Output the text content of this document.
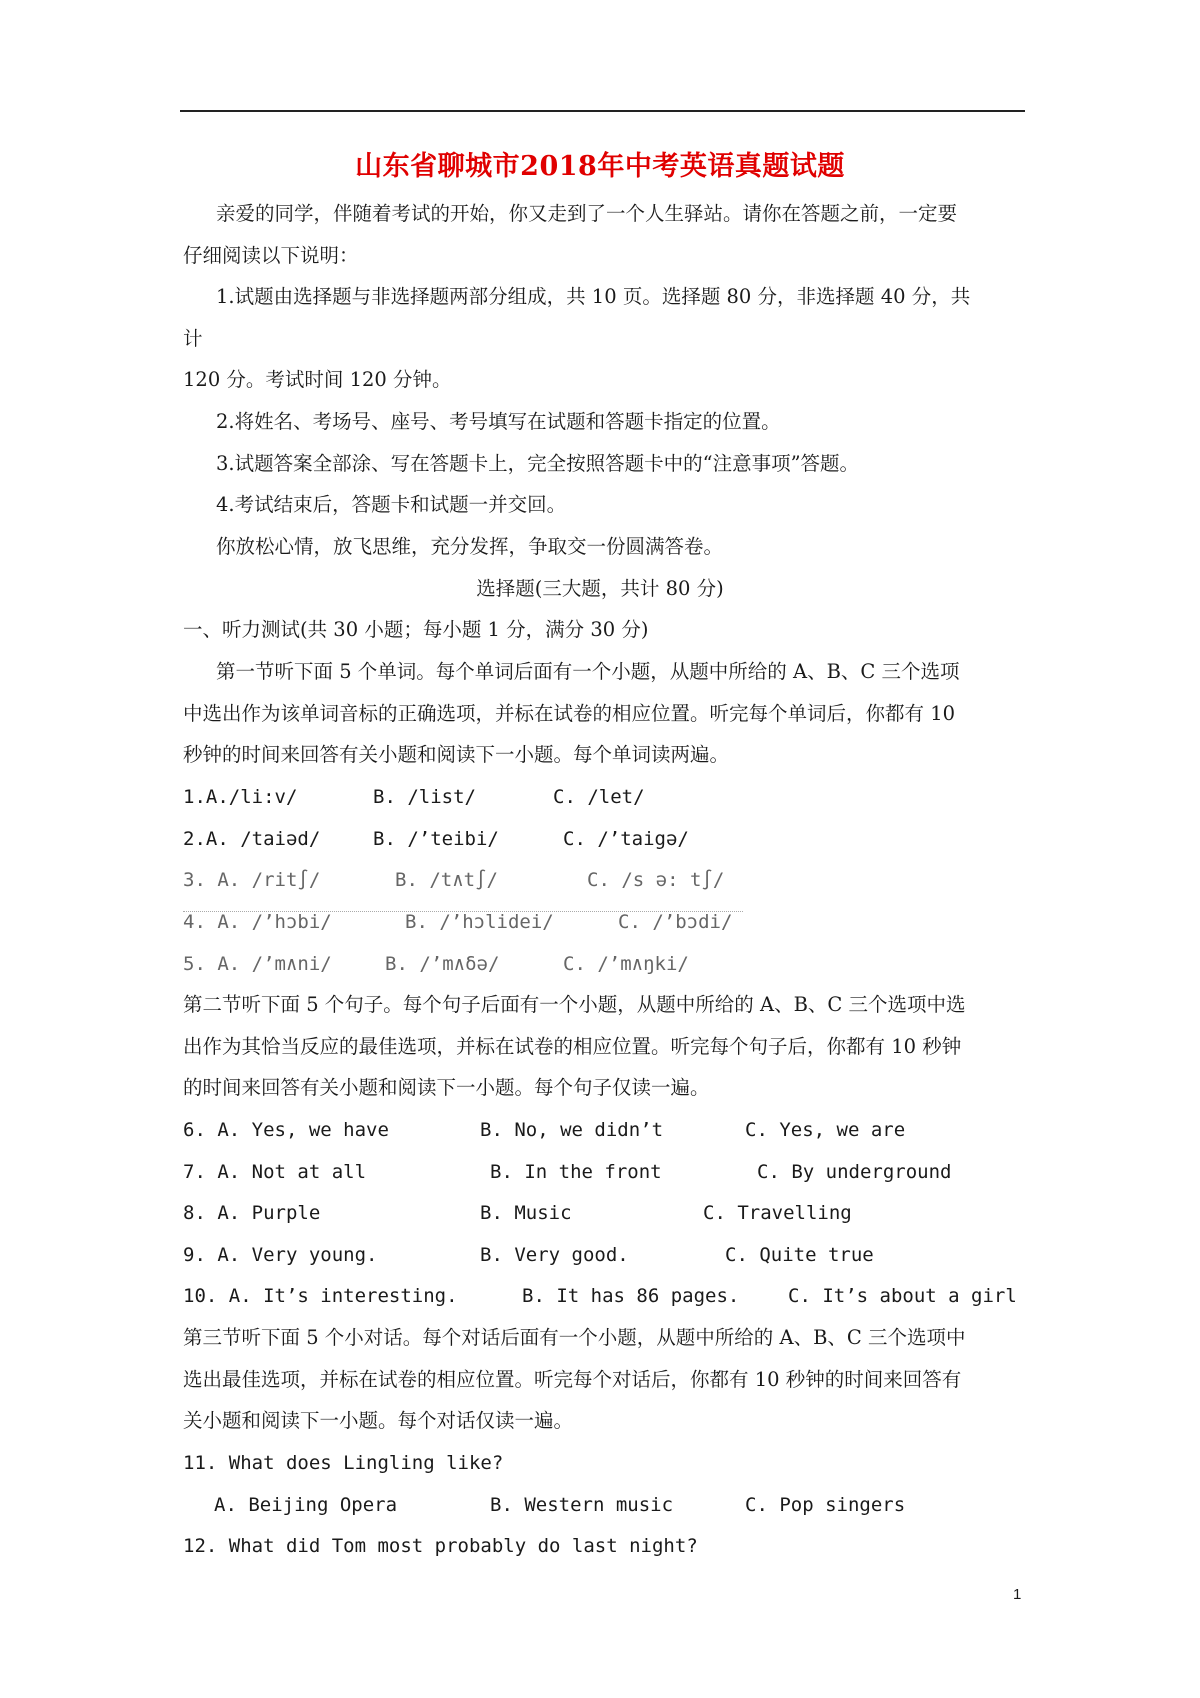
山东省聊城市2018年中考英语真题试题
亲爱的同学，伴随着考试的开始，你又走到了一个人生驿站。请你在答题之前，一定要
仔细阅读以下说明：
1.试题由选择题与非选择题两部分组成，共 10 页。选择题 80 分，非选择题 40 分，共
计
120 分。考试时间 120 分钟。
2.将姓名、考场号、座号、考号填写在试题和答题卡指定的位置。
3.试题答案全部涂、写在答题卡上，完全按照答题卡中的“注意事项”答题。
4.考试结束后，答题卡和试题一并交回。
你放松心情，放飞思维，充分发挥，争取交一份圆满答卷。
选择题(三大题，共计 80 分)
一、听力测试(共 30 小题；每小题 1 分，满分 30 分)
第一节听下面 5 个单词。每个单词后面有一个小题，从题中所给的 A、B、C 三个选项
中选出作为该单词音标的正确选项，并标在试卷的相应位置。听完每个单词后，你都有 10
秒钟的时间来回答有关小题和阅读下一小题。每个单词读两遍。
1.A./li:v/	B. /list/	C. /let/
2.A. /taiəd/	B. /’teibi/	C. /’taigə/
3. A. /rit∫/	B. /t∧t∫/	C. /s ə: t∫/
4. A. /’hɔbi/	B. /’hɔlidei/	C. /’bɔdi/
5. A. /’m∧ni/	B. /’m∧δə/	C. /’m∧ŋki/
第二节听下面 5 个句子。每个句子后面有一个小题，从题中所给的 A、B、C 三个选项中选
出作为其恰当反应的最佳选项，并标在试卷的相应位置。听完每个句子后，你都有 10 秒钟
的时间来回答有关小题和阅读下一小题。每个句子仅读一遍。
6. A. Yes, we have	B. No, we didn’t	C. Yes, we are
7. A. Not at all	B. In the front	C. By underground
8. A. Purple	B. Music	C. Travelling
9. A. Very young.	B. Very good.	C. Quite true
10. A. It’s interesting.	B. It has 86 pages.	C. It’s about a girl
第三节听下面 5 个小对话。每个对话后面有一个小题，从题中所给的 A、B、C 三个选项中
选出最佳选项，并标在试卷的相应位置。听完每个对话后，你都有 10 秒钟的时间来回答有
关小题和阅读下一小题。每个对话仅读一遍。
11. What does Lingling like?
A. Beijing Opera	B. Western music	C. Pop singers
12. What did Tom most probably do last night?
1
